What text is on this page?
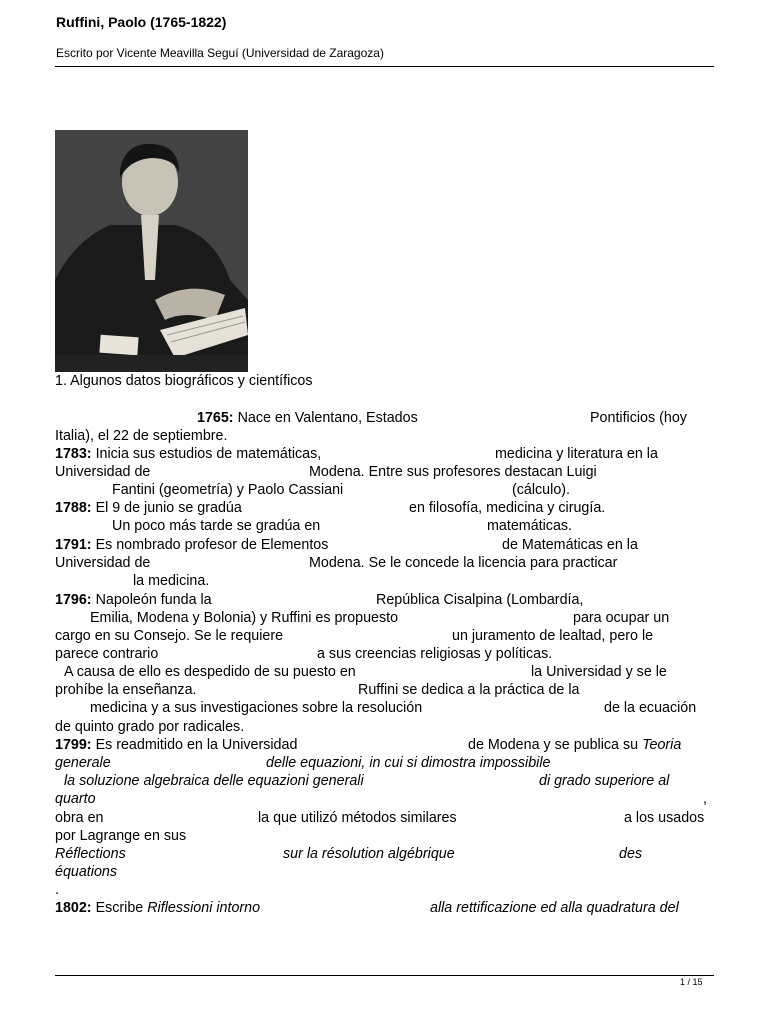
Ruffini, Paolo (1765-1822)
Escrito por Vicente Meavilla Seguí (Universidad de Zaragoza)
1. Algunos datos biográficos y científicos
1765: Nace en Valentano, Estados	Pontificios (hoy
Italia), el 22 de septiembre.
1783: Inicia sus estudios de matemáticas,	medicina y literatura en la
Universidad de	Modena. Entre sus profesores destacan Luigi
Fantini (geometría) y Paolo Cassiani	(cálculo).
1788: El 9 de junio se gradúa	en filosofía, medicina y cirugía.
Un poco más tarde se gradúa en	matemáticas.
1791: Es nombrado profesor de Elementos	de Matemáticas en la
Universidad de	Modena. Se le concede la licencia para practicar
la medicina.
1796: Napoleón funda la	República Cisalpina (Lombardía,
Emilia, Modena y Bolonia) y Ruffini es propuesto	para ocupar un
cargo en su Consejo. Se le requiere	un juramento de lealtad, pero le
parece contrario	a sus creencias religiosas y políticas.
A causa de ello es despedido de su puesto en	la Universidad y se le
prohíbe la enseñanza.	Ruffini se dedica a la práctica de la
medicina y a sus investigaciones sobre la resolución	de la ecuación
de quinto grado por radicales.
1799: Es readmitido en la Universidad	de Modena y se publica su Teoria
generale	delle equazioni, in cui si dimostra impossibile
la soluzione algebraica delle equazioni generali	di grado superiore al
quarto	,
obra en	la que utilizó métodos similares	a los usados
por Lagrange en sus
Réflections	sur la résolution algébrique	des
équations
.
1802: Escribe Riflessioni intorno	alla rettificazione ed alla quadratura del
1 / 15
